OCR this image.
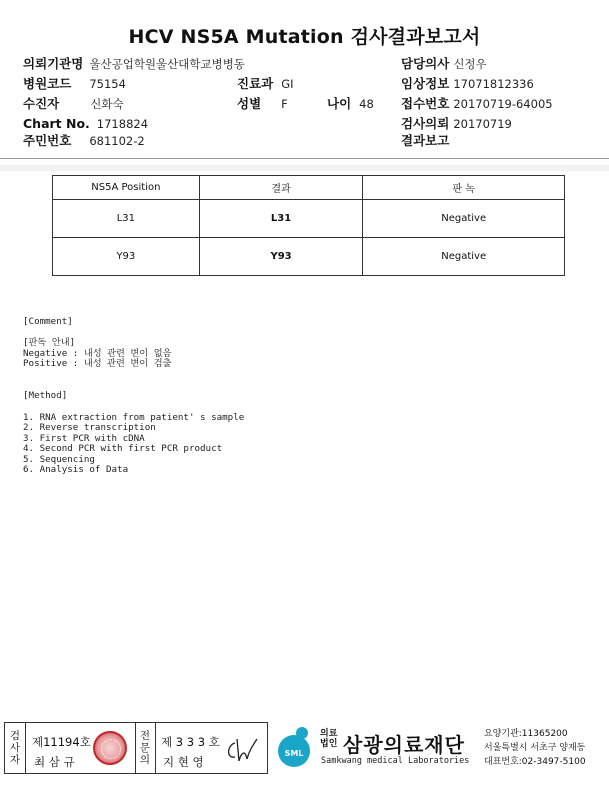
HCV NS5A Mutation 검사결과보고서
의뢰기관명 울산공업학원울산대학교병병동
병원코드 75154
수진자	신화숙
Chart No. 1718824
주민번호 681102-2
진료과 GI
성별 F	나이 48
담당의사 신정우
임상정보 17071812336
접수번호 20170719-64005
검사의뢰 20170719
결과보고
NS5A Position	결과	판 녹
L31	L31	Negative
Y93	Y93	Negative
[Comment]
[판독 안내]
Negative : 내성 관련 변이 없음
Positive : 내성 관련 변이 검출
[Method]
1. RNA extraction from patient' s sample
2. Reverse transcription
3. First PCR with cDNA
4. Second PCR with first PCR product
5. Sequencing
6. Analysis of Data
검사자
제11194호
최 삼 규
전문의
제 3 3 3 호
지 현 영
SML
의료법인 삼광의료재단
Samkwang medical Laboratories
요양기관:11365200
서울특별시 서초구 양재동
대표번호:02-3497-5100
